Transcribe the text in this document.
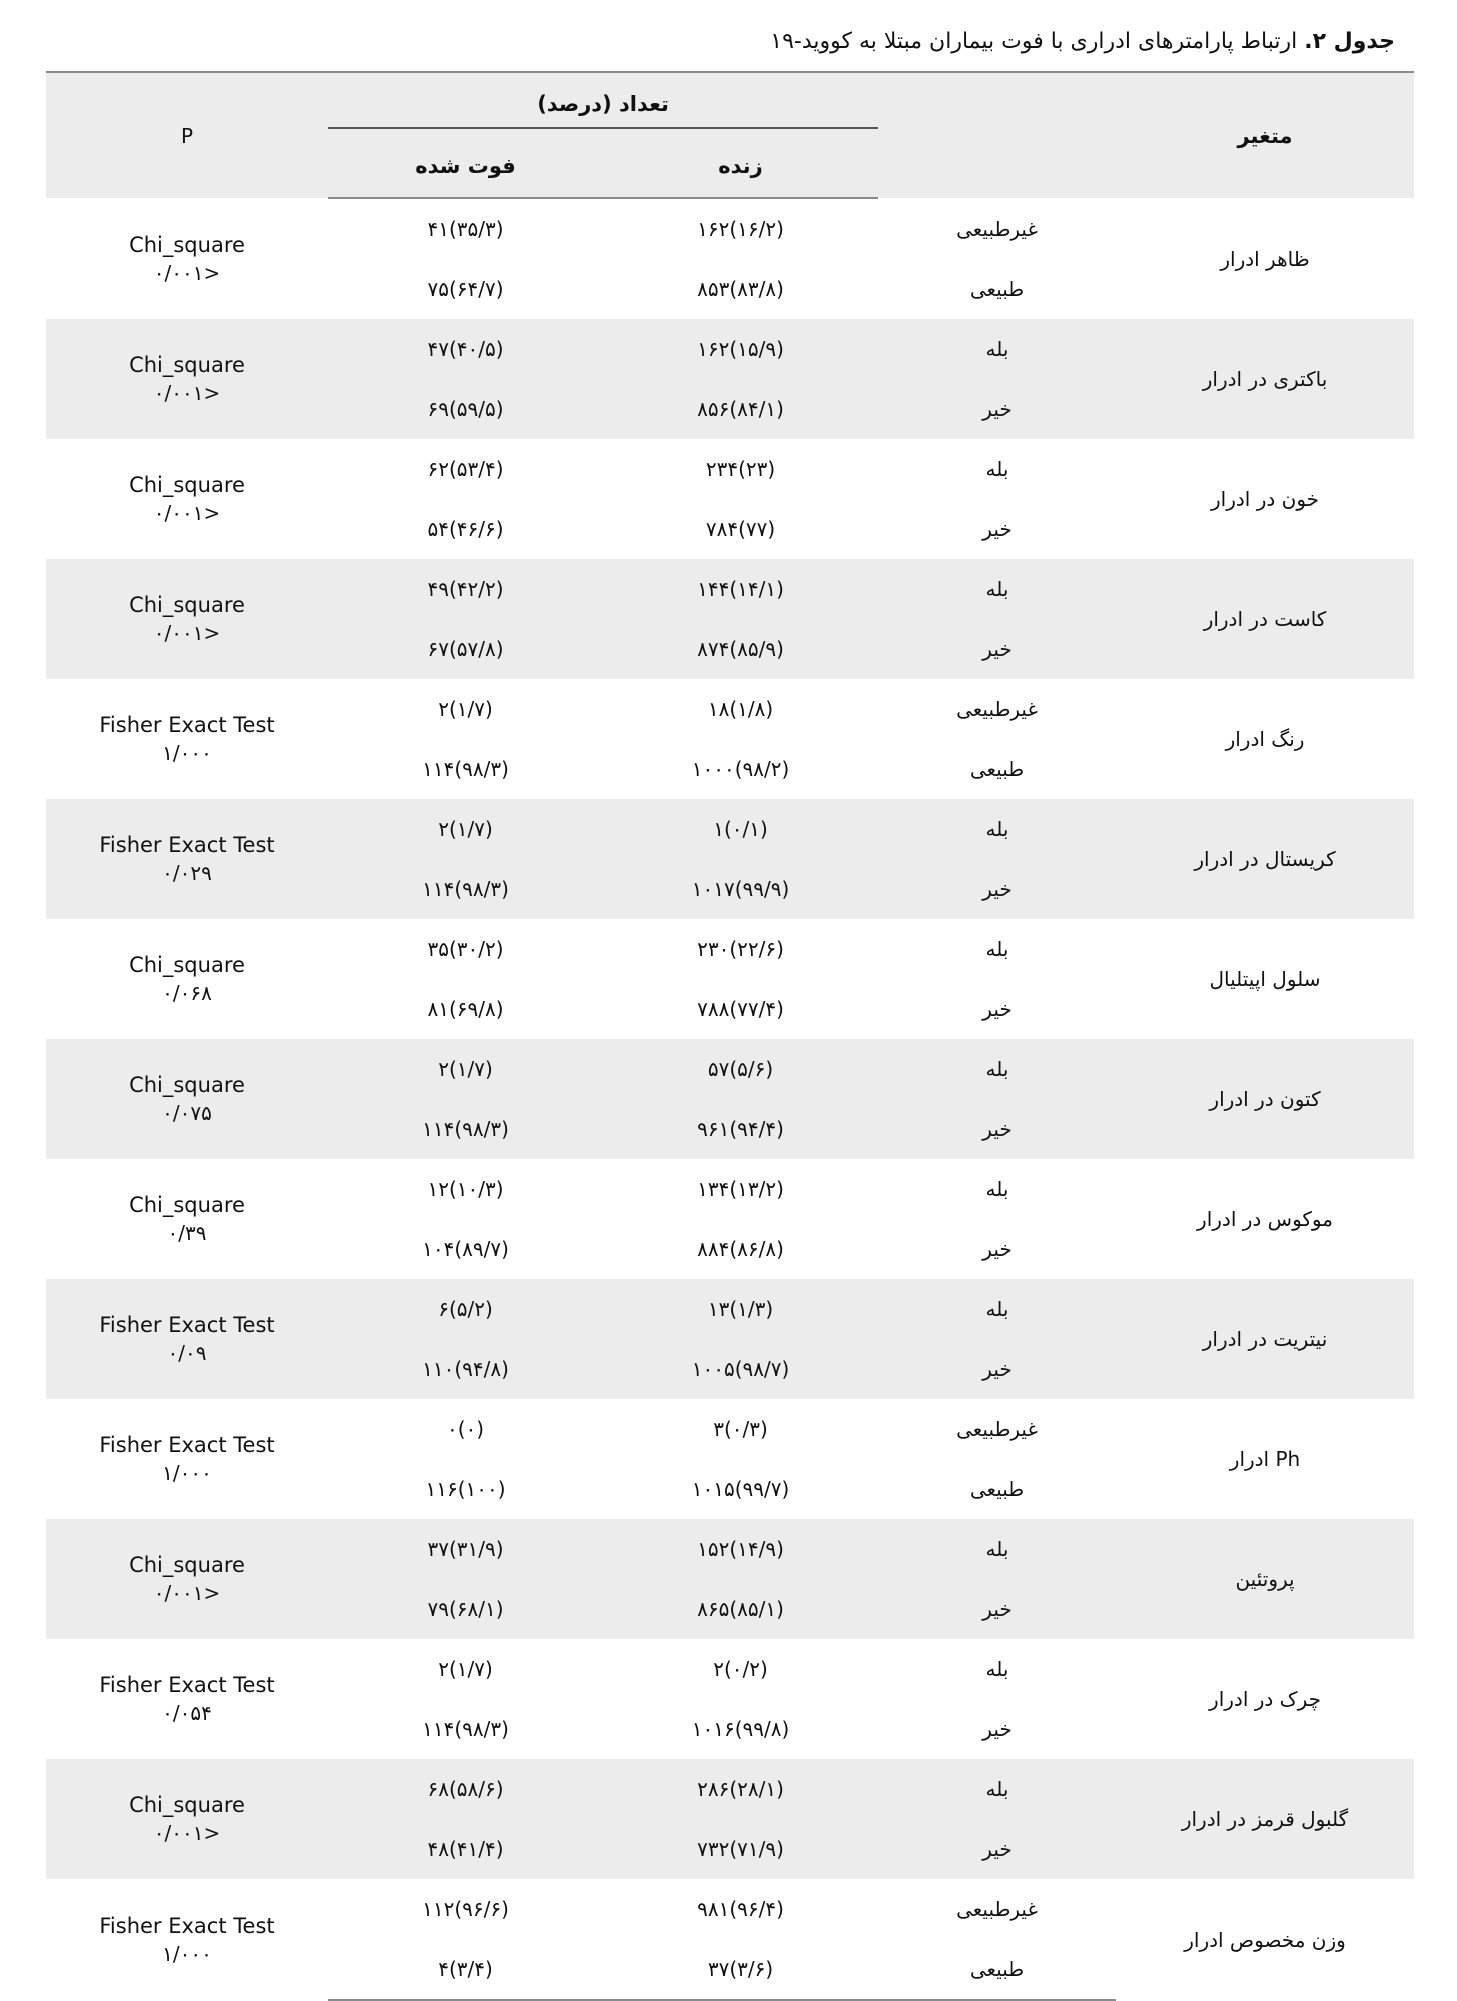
جدول ۲. ارتباط پارامترهای ادراری با فوت بیماران مبتلا به کووید-۱۹
متغیر		تعداد (درصد)		P
		زنده	فوت شده	
ظاهر ادرار	غیرطبیعی	۱۶۲(۱۶/۲)	۴۱(۳۵/۳)	Chi_square
<۰/۰۰۱

	طبیعی	۸۵۳(۸۳/۸)	۷۵(۶۴/۷)	
باکتری در ادرار	بله	۱۶۲(۱۵/۹)	۴۷(۴۰/۵)	Chi_square
<۰/۰۰۱

	خیر	۸۵۶(۸۴/۱)	۶۹(۵۹/۵)	
خون در ادرار	بله	۲۳۴(۲۳)	۶۲(۵۳/۴)	Chi_square
<۰/۰۰۱

	خیر	۷۸۴(۷۷)	۵۴(۴۶/۶)	
کاست در ادرار	بله	۱۴۴(۱۴/۱)	۴۹(۴۲/۲)	Chi_square
<۰/۰۰۱

	خیر	۸۷۴(۸۵/۹)	۶۷(۵۷/۸)	
رنگ ادرار	غیرطبیعی	۱۸(۱/۸)	۲(۱/۷)	Fisher Exact Test
۱/۰۰۰

	طبیعی	۱۰۰۰(۹۸/۲)	۱۱۴(۹۸/۳)	
کریستال در ادرار	بله	۱(۰/۱)	۲(۱/۷)	Fisher Exact Test
۰/۰۲۹

	خیر	۱۰۱۷(۹۹/۹)	۱۱۴(۹۸/۳)	
سلول اپیتلیال	بله	۲۳۰(۲۲/۶)	۳۵(۳۰/۲)	Chi_square
۰/۰۶۸

	خیر	۷۸۸(۷۷/۴)	۸۱(۶۹/۸)	
کتون در ادرار	بله	۵۷(۵/۶)	۲(۱/۷)	Chi_square
۰/۰۷۵

	خیر	۹۶۱(۹۴/۴)	۱۱۴(۹۸/۳)	
موکوس در ادرار	بله	۱۳۴(۱۳/۲)	۱۲(۱۰/۳)	Chi_square
۰/۳۹

	خیر	۸۸۴(۸۶/۸)	۱۰۴(۸۹/۷)	
نیتریت در ادرار	بله	۱۳(۱/۳)	۶(۵/۲)	Fisher Exact Test
۰/۰۹

	خیر	۱۰۰۵(۹۸/۷)	۱۱۰(۹۴/۸)	
Ph ادرار	غیرطبیعی	۳(۰/۳)	۰(۰)	Fisher Exact Test
۱/۰۰۰

	طبیعی	۱۰۱۵(۹۹/۷)	۱۱۶(۱۰۰)	
پروتئین	بله	۱۵۲(۱۴/۹)	۳۷(۳۱/۹)	Chi_square
<۰/۰۰۱

	خیر	۸۶۵(۸۵/۱)	۷۹(۶۸/۱)	
چرک در ادرار	بله	۲(۰/۲)	۲(۱/۷)	Fisher Exact Test
۰/۰۵۴

	خیر	۱۰۱۶(۹۹/۸)	۱۱۴(۹۸/۳)	
گلبول قرمز در ادرار	بله	۲۸۶(۲۸/۱)	۶۸(۵۸/۶)	Chi_square
<۰/۰۰۱

	خیر	۷۳۲(۷۱/۹)	۴۸(۴۱/۴)	
وزن مخصوص ادرار	غیرطبیعی	۹۸۱(۹۶/۴)	۱۱۲(۹۶/۶)	Fisher Exact Test
۱/۰۰۰

	طبیعی	۳۷(۳/۶)	۴(۳/۴)	
